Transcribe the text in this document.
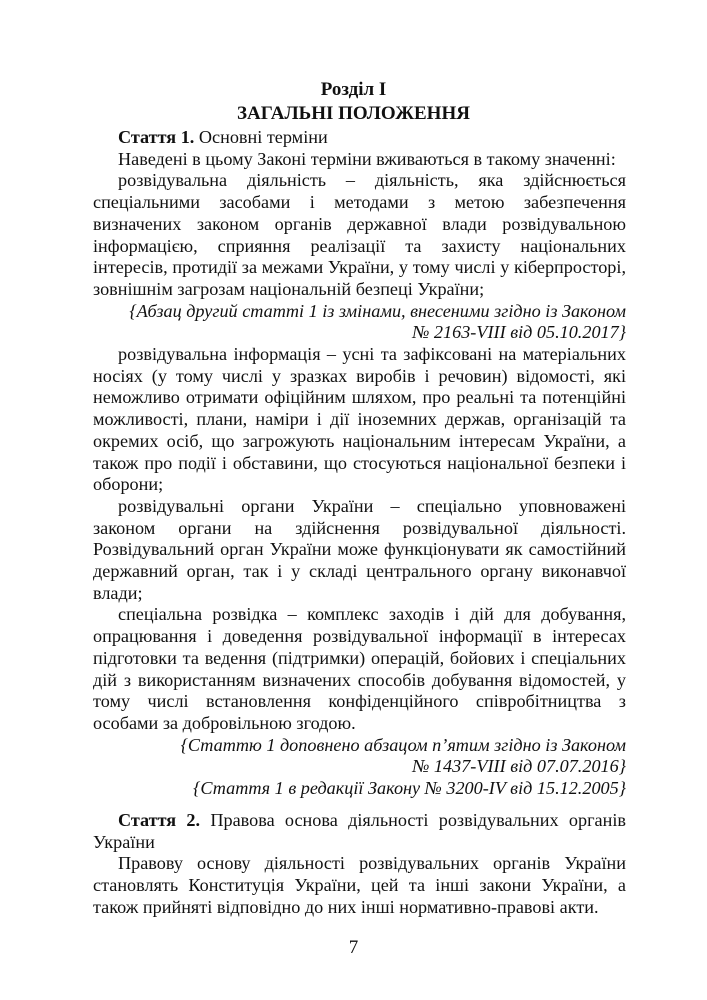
Розділ І
ЗАГАЛЬНІ ПОЛОЖЕННЯ

Стаття 1. Основні терміни

Наведені в цьому Законі терміни вживаються в такому значенні:

розвідувальна діяльність – діяльність, яка здійснюється спеціальними засобами і методами з метою забезпечення визначених законом органів державної влади розвідувальною інформацією, сприяння реалізації та захисту національних інтересів, протидії за межами України, у тому числі у кіберпросторі, зовнішнім загрозам національній безпеці України;

{Абзац другий статті 1 із змінами, внесеними згідно із Законом
№ 2163-VIII від 05.10.2017}

розвідувальна інформація – усні та зафіксовані на матеріальних носіях (у тому числі у зразках виробів і речовин) відомості, які неможливо отримати офіційним шляхом, про реальні та потенційні можливості, плани, наміри і дії іноземних держав, організацій та окремих осіб, що загрожують національним інтересам України, а також про події і обставини, що стосуються національної безпеки і оборони;

розвідувальні органи України – спеціально уповноважені законом органи на здійснення розвідувальної діяльності. Розвідувальний орган України може функціонувати як самостійний державний орган, так і у складі центрального органу виконавчої влади;

спеціальна розвідка – комплекс заходів і дій для добування, опрацювання і доведення розвідувальної інформації в інтересах підготовки та ведення (підтримки) операцій, бойових і спеціальних дій з використанням визначених способів добування відомостей, у тому числі встановлення конфіденційного співробітництва з особами за добровільною згодою.

{Статтю 1 доповнено абзацом п’ятим згідно із Законом
№ 1437-VIII від 07.07.2016}

{Стаття 1 в редакції Закону № 3200-IV від 15.12.2005}

Стаття 2. Правова основа діяльності розвідувальних органів України

Правову основу діяльності розвідувальних органів України становлять Конституція України, цей та інші закони України, а також прийняті відповідно до них інші нормативно-правові акти.

7
